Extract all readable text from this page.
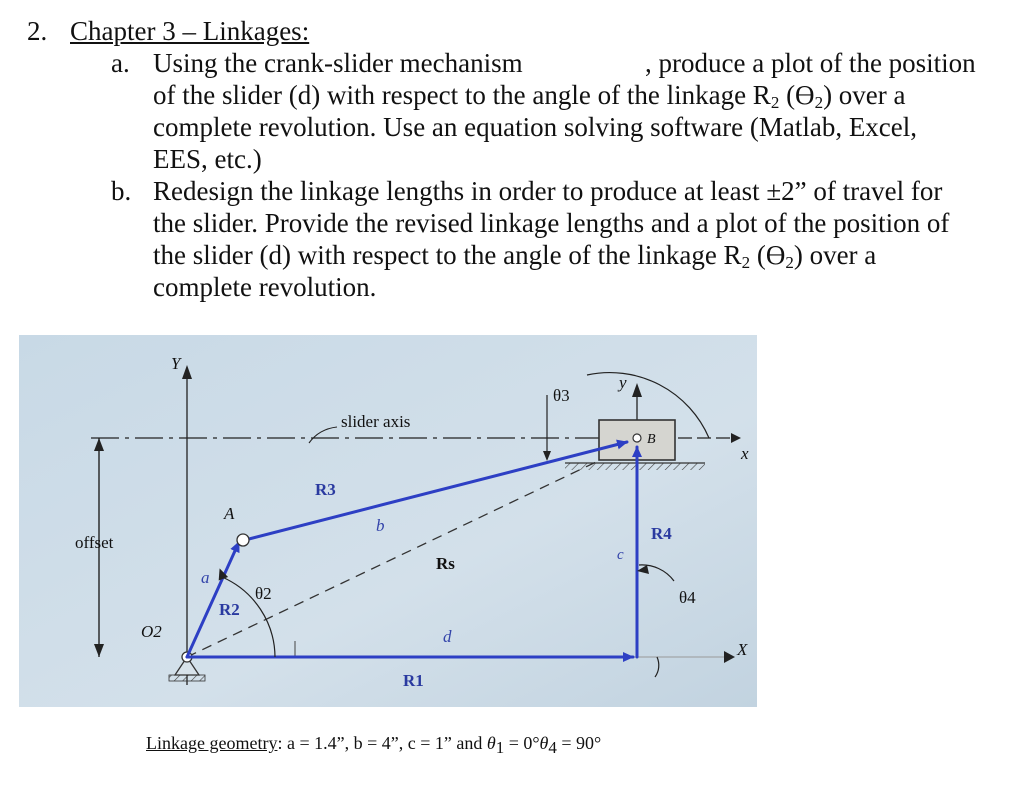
2. Chapter 3 – Linkages:
a. Using the crank-slider mechanism	, produce a plot of the position
of the slider (d) with respect to the angle of the linkage $R_2$ $(ϴ_2)$ over a
complete revolution. Use an equation solving software (Matlab, Excel,
EES, etc.)
b. Redesign the linkage lengths in order to produce at least ±2” of travel for
the slider. Provide the revised linkage lengths and a plot of the position of
the slider (d) with respect to the angle of the linkage $R_2$ $(ϴ_2)$ over a
complete revolution.
Y
y
x
X
θ3
slider axis
B
R3
A
b	R4
offset
Rs	c
a
θ2	θ4
R2
O2	d
R1
Linkage geometry: a = 1.4”, b = 4”, c = 1” and $\theta_1 = 0^\circ\theta_4 = 90^\circ$
